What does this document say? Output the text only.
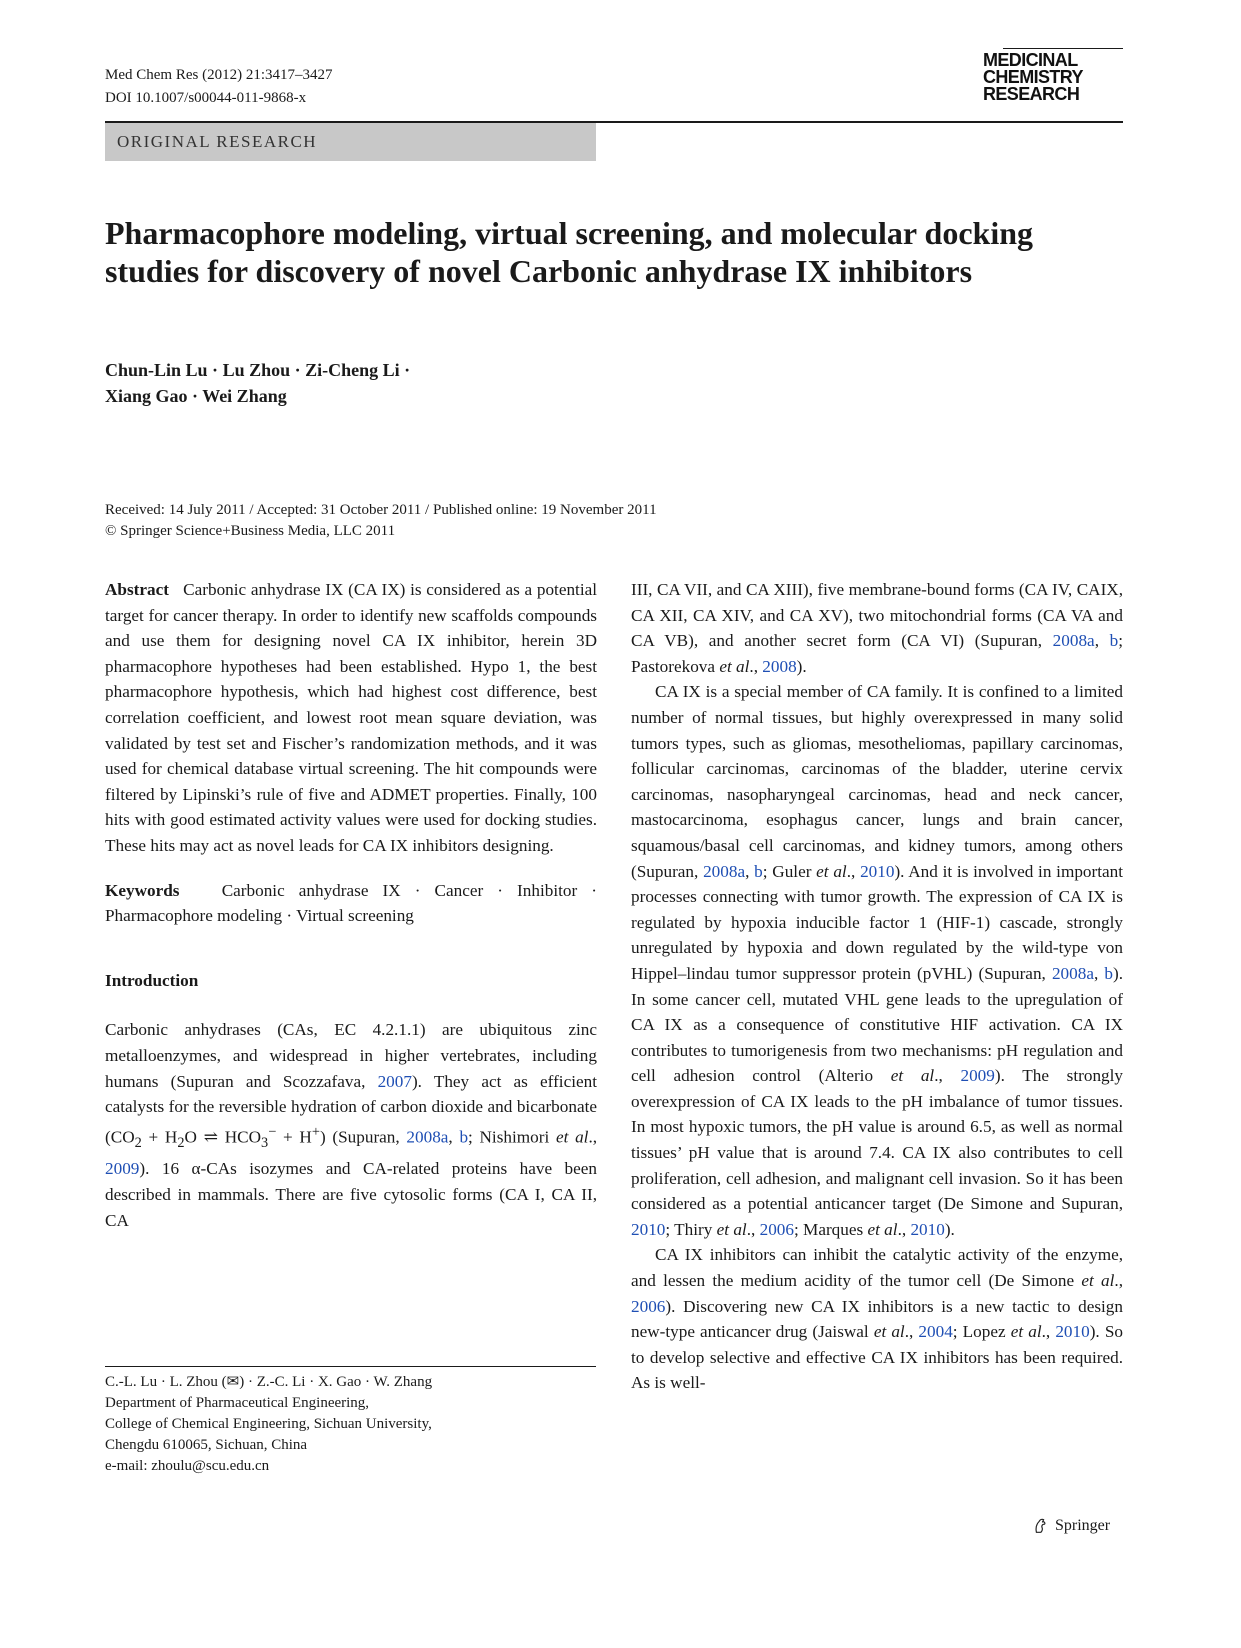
Med Chem Res (2012) 21:3417–3427
DOI 10.1007/s00044-011-9868-x
MEDICINAL
CHEMISTRY
RESEARCH
ORIGINAL RESEARCH
Pharmacophore modeling, virtual screening, and molecular docking studies for discovery of novel Carbonic anhydrase IX inhibitors
Chun-Lin Lu · Lu Zhou · Zi-Cheng Li ·
Xiang Gao · Wei Zhang
Received: 14 July 2011 / Accepted: 31 October 2011 / Published online: 19 November 2011
© Springer Science+Business Media, LLC 2011

Abstract Carbonic anhydrase IX (CA IX) is considered as a potential target for cancer therapy. In order to identify new scaffolds compounds and use them for designing novel CA IX inhibitor, herein 3D pharmacophore hypotheses had been established. Hypo 1, the best pharmacophore hypothesis, which had highest cost difference, best correlation coefficient, and lowest root mean square deviation, was validated by test set and Fischer’s randomization methods, and it was used for chemical database virtual screening. The hit compounds were filtered by Lipinski’s rule of five and ADMET properties. Finally, 100 hits with good estimated activity values were used for docking studies. These hits may act as novel leads for CA IX inhibitors designing.

Keywords Carbonic anhydrase IX · Cancer · Inhibitor · Pharmacophore modeling · Virtual screening

Introduction

Carbonic anhydrases (CAs, EC 4.2.1.1) are ubiquitous zinc metalloenzymes, and widespread in higher vertebrates, including humans (Supuran and Scozzafava, 2007). They act as efficient catalysts for the reversible hydration of carbon dioxide and bicarbonate ($CO_2 + H_2O$ ⇌ $HCO_3^- + H^+$) (Supuran, 2008a, b; Nishimori et al., 2009). 16 α-CAs isozymes and CA-related proteins have been described in mammals. There are five cytosolic forms (CA I, CA II, CA

C.-L. Lu · L. Zhou (✉) · Z.-C. Li · X. Gao · W. Zhang
Department of Pharmaceutical Engineering,
College of Chemical Engineering, Sichuan University,
Chengdu 610065, Sichuan, China
e-mail: zhoulu@scu.edu.cn

III, CA VII, and CA XIII), five membrane-bound forms (CA IV, CAIX, CA XII, CA XIV, and CA XV), two mitochondrial forms (CA VA and CA VB), and another secret form (CA VI) (Supuran, 2008a, b; Pastorekova et al., 2008).

CA IX is a special member of CA family. It is confined to a limited number of normal tissues, but highly overexpressed in many solid tumors types, such as gliomas, mesotheliomas, papillary carcinomas, follicular carcinomas, carcinomas of the bladder, uterine cervix carcinomas, nasopharyngeal carcinomas, head and neck cancer, mastocarcinoma, esophagus cancer, lungs and brain cancer, squamous/basal cell carcinomas, and kidney tumors, among others (Supuran, 2008a, b; Guler et al., 2010). And it is involved in important processes connecting with tumor growth. The expression of CA IX is regulated by hypoxia inducible factor 1 (HIF-1) cascade, strongly unregulated by hypoxia and down regulated by the wild-type von Hippel–lindau tumor suppressor protein (pVHL) (Supuran, 2008a, b). In some cancer cell, mutated VHL gene leads to the upregulation of CA IX as a consequence of constitutive HIF activation. CA IX contributes to tumorigenesis from two mechanisms: pH regulation and cell adhesion control (Alterio et al., 2009). The strongly overexpression of CA IX leads to the pH imbalance of tumor tissues. In most hypoxic tumors, the pH value is around 6.5, as well as normal tissues’ pH value that is around 7.4. CA IX also contributes to cell proliferation, cell adhesion, and malignant cell invasion. So it has been considered as a potential anticancer target (De Simone and Supuran, 2010; Thiry et al., 2006; Marques et al., 2010).

CA IX inhibitors can inhibit the catalytic activity of the enzyme, and lessen the medium acidity of the tumor cell (De Simone et al., 2006). Discovering new CA IX inhibitors is a new tactic to design new-type anticancer drug (Jaiswal et al., 2004; Lopez et al., 2010). So to develop selective and effective CA IX inhibitors has been required. As is well-

Springer
